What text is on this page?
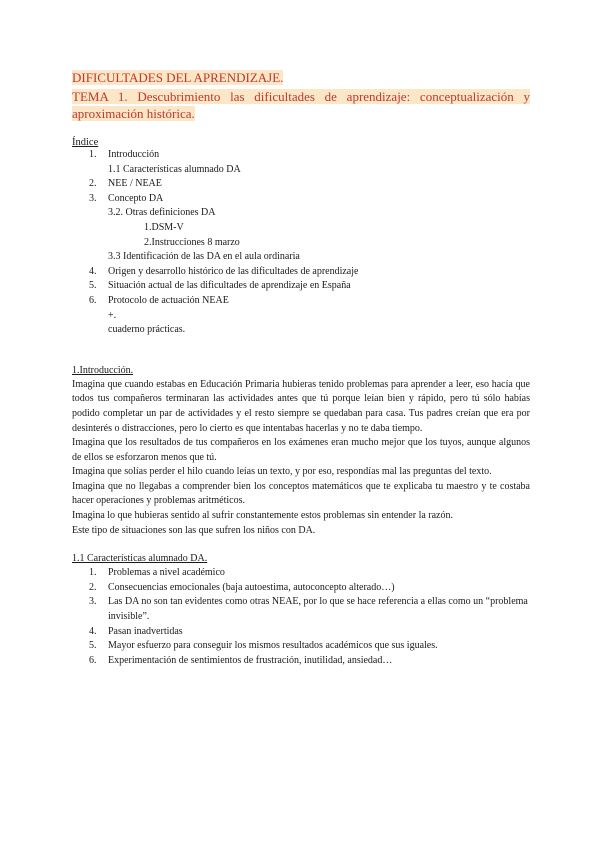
DIFICULTADES DEL APRENDIZAJE.
TEMA 1. Descubrimiento las dificultades de aprendizaje: conceptualización y aproximación histórica.
Índice
1. Introducción
1.1 Características alumnado DA
2. NEE / NEAE
3. Concepto DA
3.2. Otras definiciones DA
1.DSM-V
2.Instrucciones 8 marzo
3.3 Identificación de las DA en el aula ordinaria
4. Origen y desarrollo histórico de las dificultades de aprendizaje
5. Situación actual de las dificultades de aprendizaje en España
6. Protocolo de actuación NEAE
+.
cuaderno prácticas.
1.Introducción.

Imagina que cuando estabas en Educación Primaria hubieras tenido problemas para aprender a leer, eso hacía que todos tus compañeros terminaran las actividades antes que tú porque leían bien y rápido, pero tú sólo habías podido completar un par de actividades y el resto siempre se quedaban para casa. Tus padres creían que era por desinterés o distracciones, pero lo cierto es que intentabas hacerlas y no te daba tiempo.

Imagina que los resultados de tus compañeros en los exámenes eran mucho mejor que los tuyos, aunque algunos de ellos se esforzaron menos que tú.

Imagina que solías perder el hilo cuando leías un texto, y por eso, respondías mal las preguntas del texto.

Imagina que no llegabas a comprender bien los conceptos matemáticos que te explicaba tu maestro y te costaba hacer operaciones y problemas aritméticos.

Imagina lo que hubieras sentido al sufrir constantemente estos problemas sin entender la razón.

Este tipo de situaciones son las que sufren los niños con DA.

1.1 Características alumnado DA.
1. Problemas a nivel académico
2. Consecuencias emocionales (baja autoestima, autoconcepto alterado…)
3. Las DA no son tan evidentes como otras NEAE, por lo que se hace referencia a ellas como un “problema invisible”.
4. Pasan inadvertidas
5. Mayor esfuerzo para conseguir los mismos resultados académicos que sus iguales.
6. Experimentación de sentimientos de frustración, inutilidad, ansiedad…
